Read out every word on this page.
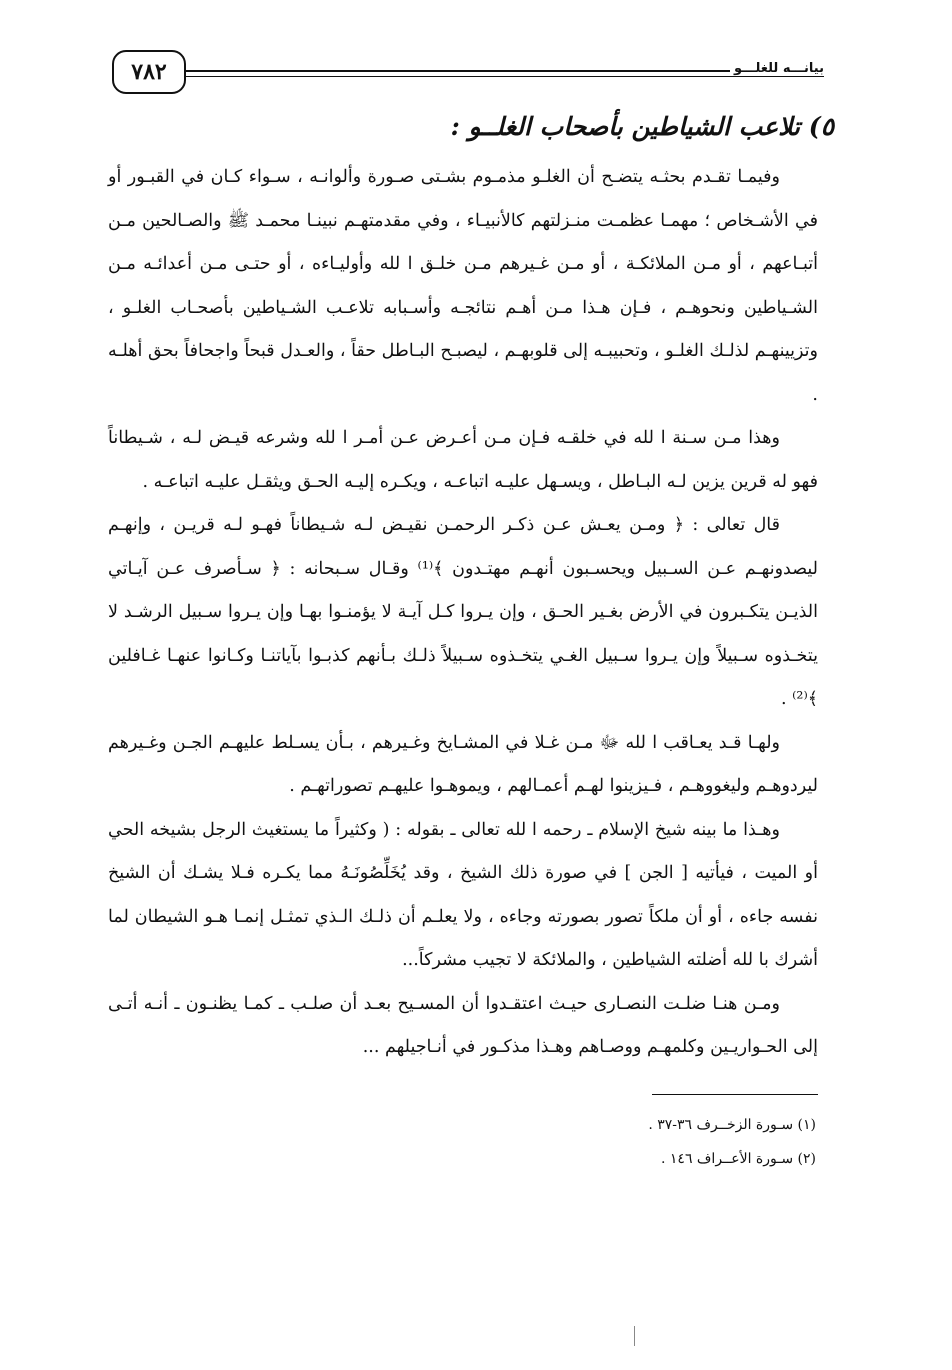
٧٨٢	بيانـــه للغلـــو
٥) تلاعب الشياطين بأصحاب الغلــو :

وفيمـا تقـدم بحثـه يتضـح أن الغلـو مذمـوم بشـتى صـورة وألوانـه ، سـواء كـان في القبـور أو في الأشـخاص ؛ مهمـا عظمـت منـزلتهم كالأنبيـاء ، وفي مقدمتهـم نبينـا محمـد ﷺ والصـالحين مـن أتبـاعهم ، أو مـن الملائكـة ، أو مـن غـيرهم مـن خلـق ا لله وأوليـاءه ، أو حتـى مـن أعدائـه مـن الشـياطين ونحوهـم ، فـإن هـذا مـن أهـم نتائجـه وأسـبابه تلاعـب الشـياطين بأصحـاب الغلـو ، وتزيينهـم لذلـك الغلـو ، وتحبيبـه إلى قلوبهـم ، ليصبـح البـاطل حقاً ، والعـدل قبحاً واجحافاً بحق أهلـه .

وهذا مـن سـنة ا لله في خلقـه فـإن مـن أعـرض عـن أمـر ا لله وشرعه قيـض لـه ، شـيطاناً فهو له قرين يزين لـه البـاطل ، ويسـهل عليـه اتباعـه ، ويكـره إليـه الحـق ويثقـل عليـه اتباعـه .

قال تعالى : ﴿ ومـن يعـش عـن ذكـر الرحمـن نقيـض لـه شـيطاناً فهـو لـه قريـن ، وإنهـم ليصدونهـم عـن السـبيل ويحسـبون أنهـم مهتـدون ﴾⁽¹⁾ وقـال سـبحانه : ﴿ سـأصرف عـن آيـاتي الذيـن يتكـبرون في الأرض بغـير الحـق ، وإن يـروا كـل آيـة لا يؤمنـوا بهـا وإن يـروا سـبيل الرشـد لا يتخـذوه سـبيلاً وإن يـروا سـبيل الغـي يتخـذوه سـبيلاً ذلـك بـأنهم كذبـوا بآياتنـا وكـانوا عنهـا غـافلين ﴾⁽²⁾ .

ولهـا قـد يعـاقب ا لله ﷻ مـن غـلا في المشـايخ وغـيرهم ، بـأن يسـلط عليهـم الجـن وغـيرهم ليردوهـم وليغووهـم ، فـيزينوا لهـم أعمـالهم ، ويموهـوا عليهـم تصوراتهـم .

وهـذا ما بينه شيخ الإسلام ـ رحمه ا لله تعالى ـ بقوله : ( وكثيراً ما يستغيث الرجل بشيخه الحي أو الميت ، فيأتيه [ الجن ] في صورة ذلك الشيخ ، وقد يُخَلِّصُونَـهُ مما يكـره فـلا يشـك أن الشيخ نفسه جاءه ، أو أن ملكاً تصور بصورته وجاءه ، ولا يعلـم أن ذلـك الـذي تمثـل إنمـا هـو الشيطان لما أشرك با لله أضلته الشياطين ، والملائكة لا تجيب مشركاً...

ومـن هنـا ضلـت النصـارى حيـث اعتقـدوا أن المسـيح بعـد أن صلـب ـ كمـا يظنـون ـ أنـه أتـى إلى الحـواريـين وكلمهـم ووصـاهم وهـذا مذكـور في أنـاجيلهم ...

(١) سـورة الزخــرف ٣٦-٣٧ .

(٢) سـورة الأعــراف ١٤٦ .
